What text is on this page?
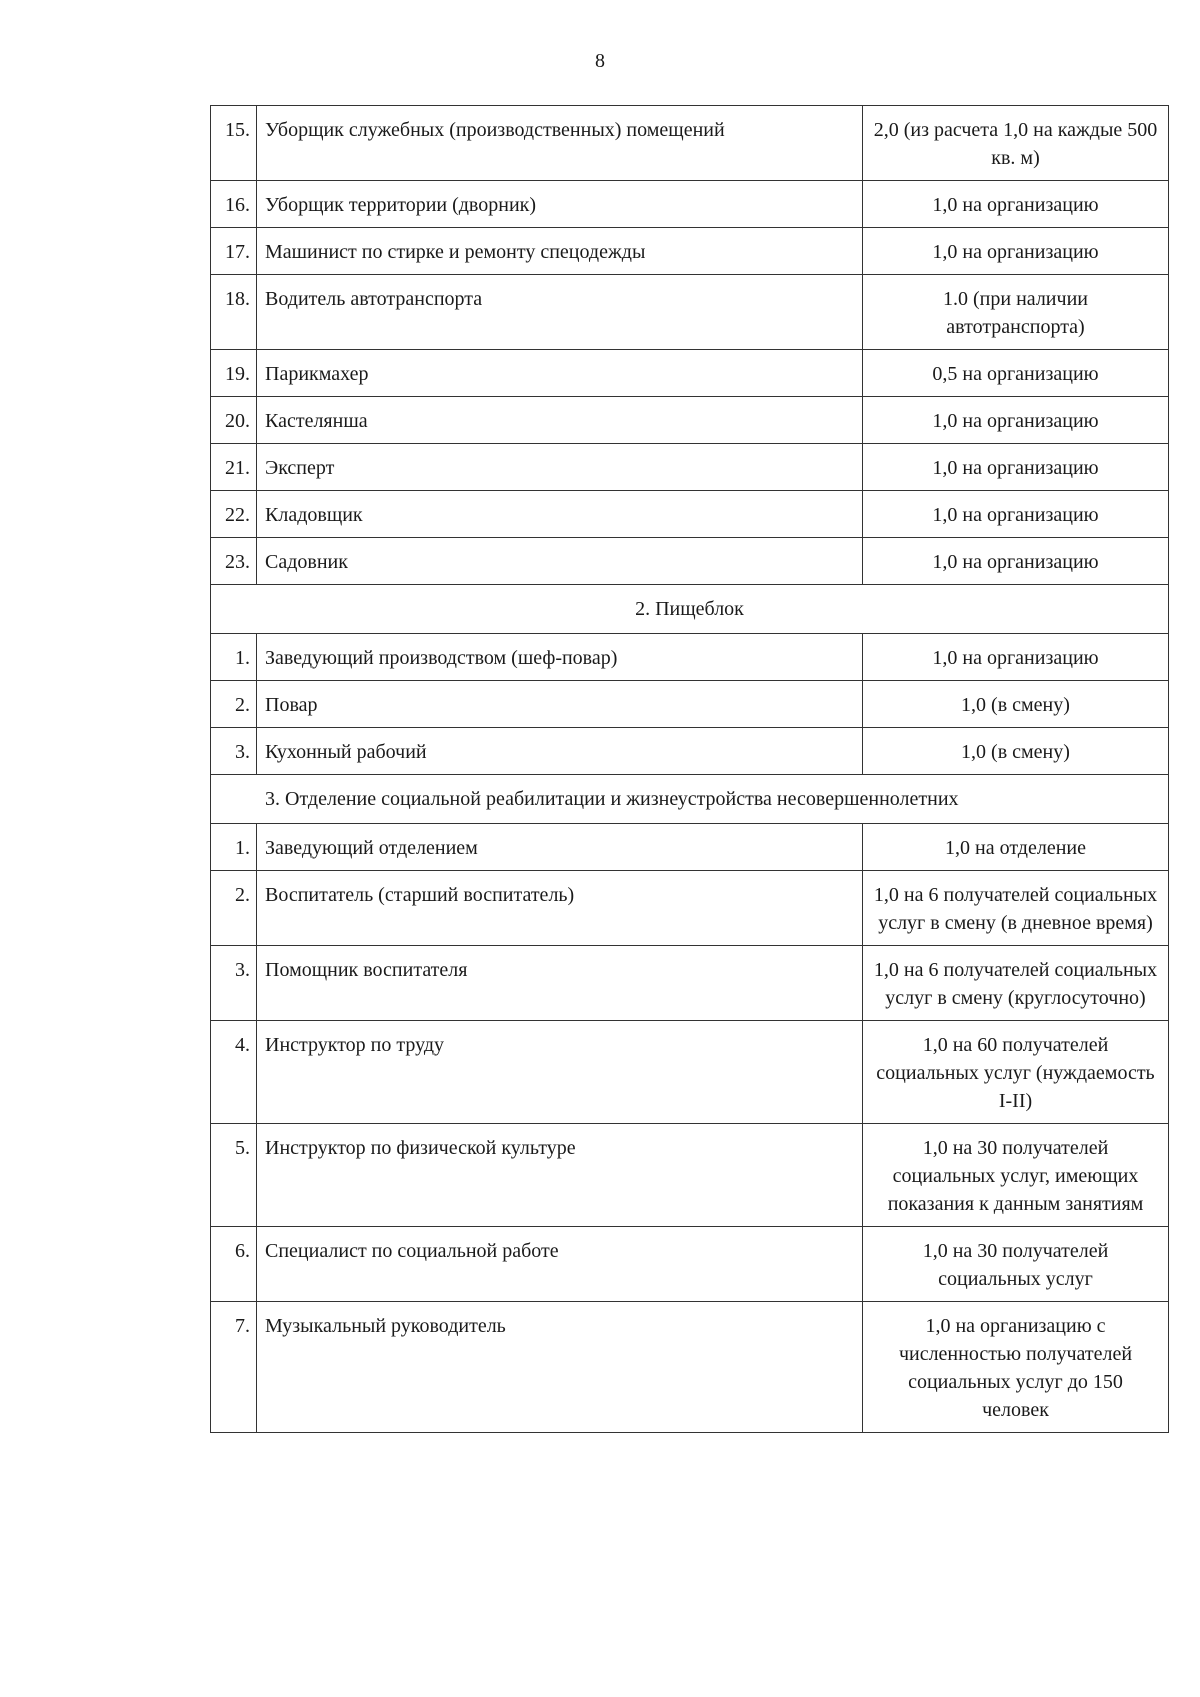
8
15.	Уборщик служебных (производственных) помещений	2,0 (из расчета 1,0 на каждые 500 кв. м)
16.	Уборщик территории (дворник)	1,0 на организацию
17.	Машинист по стирке и ремонту спецодежды	1,0 на организацию
18.	Водитель автотранспорта	1.0 (при наличии автотранспорта)
19.	Парикмахер	0,5 на организацию
20.	Кастелянша	1,0 на организацию
21.	Эксперт	1,0 на организацию
22.	Кладовщик	1,0 на организацию
23.	Садовник	1,0 на организацию
2. Пищеблок		
1.	Заведующий производством (шеф-повар)	1,0 на организацию
2.	Повар	1,0 (в смену)
3.	Кухонный рабочий	1,0 (в смену)
3. Отделение социальной реабилитации и жизнеустройства несовершеннолетних		
1.	Заведующий отделением	1,0 на отделение
2.	Воспитатель (старший воспитатель)	1,0 на 6 получателей социальных услуг в смену (в дневное время)
3.	Помощник воспитателя	1,0 на 6 получателей социальных услуг в смену (круглосуточно)
4.	Инструктор по труду	1,0 на 60 получателей социальных услуг (нуждаемость I-II)
5.	Инструктор по физической культуре	1,0 на 30 получателей социальных услуг, имеющих показания к данным занятиям
6.	Специалист по социальной работе	1,0 на 30 получателей социальных услуг
7.	Музыкальный руководитель	1,0 на организацию с численностью получателей социальных услуг до 150 человек
